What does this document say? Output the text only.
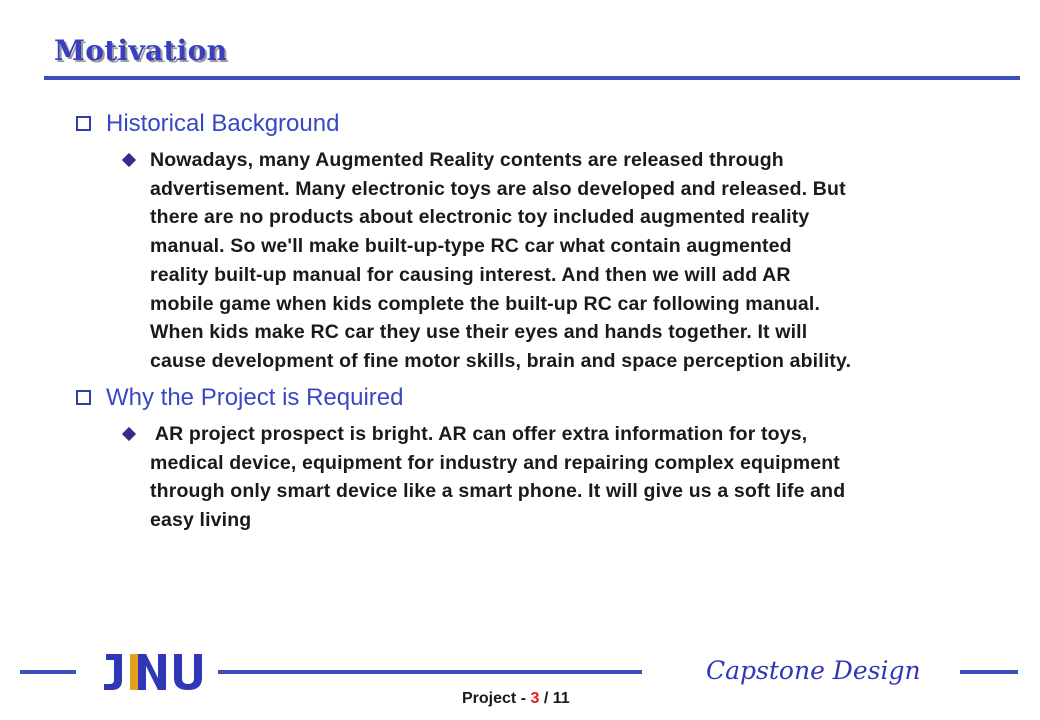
Motivation
Historical Background

Nowadays, many Augmented Reality contents are released through

advertisement. Many electronic toys are also developed and released. But

there are no products about electronic toy included augmented reality

manual. So we'll make built-up-type RC car what contain augmented

reality built-up manual for causing interest. And then we will add AR

mobile game when kids complete the built-up RC car following manual.

When kids make RC car they use their eyes and hands together. It will

cause development of fine motor skills, brain and space perception ability.

Why the Project is Required

AR project prospect is bright. AR can offer extra information for toys,

medical device, equipment for industry and repairing complex equipment

through only smart device like a smart phone. It will give us a soft life and

easy living

Capstone Design
Project - 3 / 11
